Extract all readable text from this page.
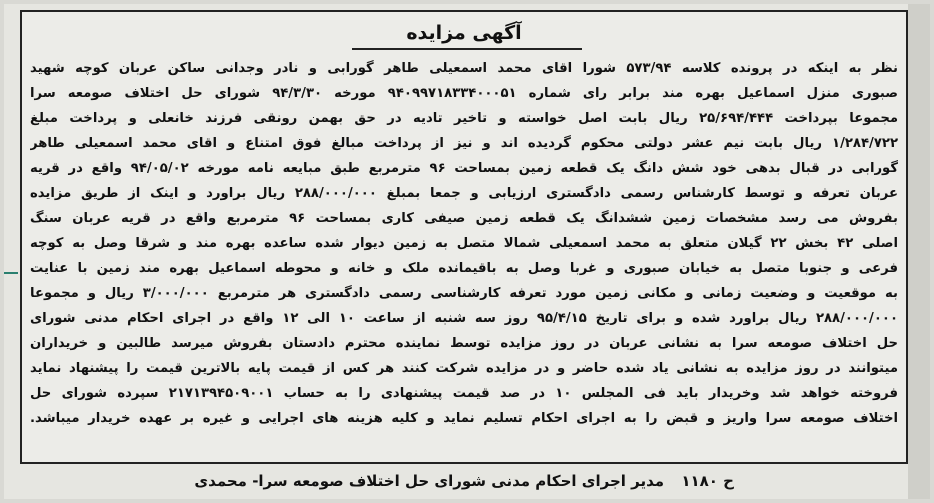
آگهی مزایده
نظر به اینکه در پرونده کلاسه ۵۷۳/۹۴ شورا اقای محمد اسمعیلی طاهر گورابی و نادر وجدانی ساکن عربان کوچه شهید
صبوری منزل اسماعیل بهره مند برابر رای شماره ۹۴۰۹۹۷۱۸۳۳۴۰۰۰۵۱ مورخه ۹۴/۳/۳۰ شورای حل اختلاف صومعه سرا
مجموعا بپرداخت ۲۵/۶۹۴/۴۴۴ ریال بابت اصل خواسته و تاخیر تادیه در حق بهمن رونقی فرزند خانعلی و پرداخت مبلغ
۱/۲۸۴/۷۲۲ ریال بابت نیم عشر دولتی محکوم گردیده اند و نیز از پرداخت مبالغ فوق امتناع و اقای محمد اسمعیلی طاهر
گورابی در قبال بدهی خود شش دانگ یک قطعه زمین بمساحت ۹۶ مترمربع طبق مبایعه نامه مورخه ۹۴/۰۵/۰۲ واقع در قریه
عربان تعرفه و توسط کارشناس رسمی دادگستری ارزیابی و جمعا بمبلغ ۲۸۸/۰۰۰/۰۰۰ ریال براورد و اینک از طریق مزایده
بفروش می رسد مشخصات زمین ششدانگ یک قطعه زمین صیفی کاری بمساحت ۹۶ مترمربع واقع در قریه عربان سنگ
اصلی ۴۲ بخش ۲۲ گیلان متعلق به محمد اسمعیلی شمالا متصل به زمین دیوار شده ساعده بهره مند و شرقا وصل به کوچه
فرعی و جنوبا متصل به خیابان صبوری و غربا وصل به باقیمانده ملک و خانه و محوطه اسماعیل بهره مند زمین با عنایت
به موقعیت و وضعیت زمانی و مکانی زمین مورد تعرفه کارشناسی رسمی دادگستری هر مترمربع ۳/۰۰۰/۰۰۰ ریال و مجموعا
۲۸۸/۰۰۰/۰۰۰ ریال براورد شده و برای تاریخ ۹۵/۴/۱۵ روز سه شنبه از ساعت ۱۰ الی ۱۲ واقع در اجرای احکام مدنی شورای
حل اختلاف صومعه سرا به نشانی عربان در روز مزایده توسط نماینده محترم دادستان بفروش میرسد طالبین و خریداران
میتوانند در روز مزایده به نشانی یاد شده حاضر و در مزایده شرکت کنند هر کس از قیمت پایه بالاترین قیمت را پیشنهاد نماید
فروخته خواهد شد وخریدار باید فی المجلس ۱۰ در صد قیمت پیشنهادی را به حساب ۲۱۷۱۳۹۴۵۰۹۰۰۱ سپرده شورای حل
اختلاف صومعه سرا واریز و قبض را به اجرای احکام تسلیم نماید و کلیه هزینه های اجرایی و غیره بر عهده خریدار میباشد.
ح ۱۱۸۰ مدیر اجرای احکام مدنی شورای حل اختلاف صومعه سرا- محمدی
